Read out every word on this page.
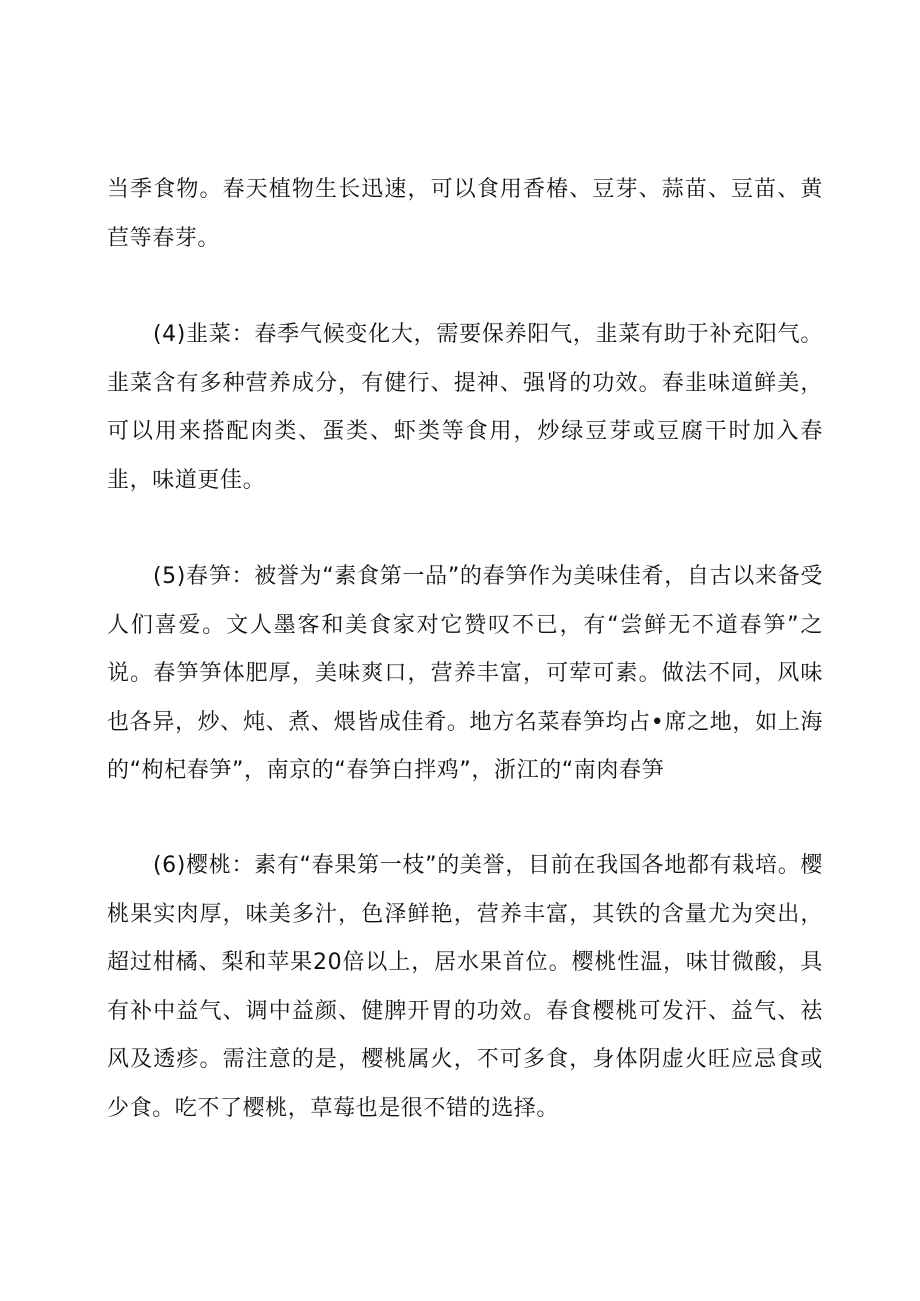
当季食物。春天植物生长迅速，可以食用香椿、豆芽、蒜苗、豆苗、黄苣等春芽。

(4)韭菜：春季气候变化大，需要保养阳气，韭菜有助于补充阳气。韭菜含有多种营养成分，有健行、提神、强肾的功效。春韭味道鲜美，可以用来搭配肉类、蛋类、虾类等食用，炒绿豆芽或豆腐干时加入春韭，味道更佳。

(5)春笋：被誉为“素食第一品”的春笋作为美味佳肴，自古以来备受人们喜爱。文人墨客和美食家对它赞叹不已，有“尝鲜无不道春笋”之说。春笋笋体肥厚，美味爽口，营养丰富，可荤可素。做法不同，风味也各异，炒、炖、煮、煨皆成佳肴。地方名菜春笋均占•席之地，如上海的“枸杞春笋”，南京的“春笋白拌鸡”，浙江的“南肉春笋

(6)樱桃：素有“春果第一枝”的美誉，目前在我国各地都有栽培。樱桃果实肉厚，味美多汁，色泽鲜艳，营养丰富，其铁的含量尤为突出，超过柑橘、梨和苹果20倍以上，居水果首位。樱桃性温，味甘微酸，具有补中益气、调中益颜、健脾开胃的功效。春食樱桃可发汗、益气、祛风及透疹。需注意的是，樱桃属火，不可多食，身体阴虚火旺应忌食或少食。吃不了樱桃，草莓也是很不错的选择。
